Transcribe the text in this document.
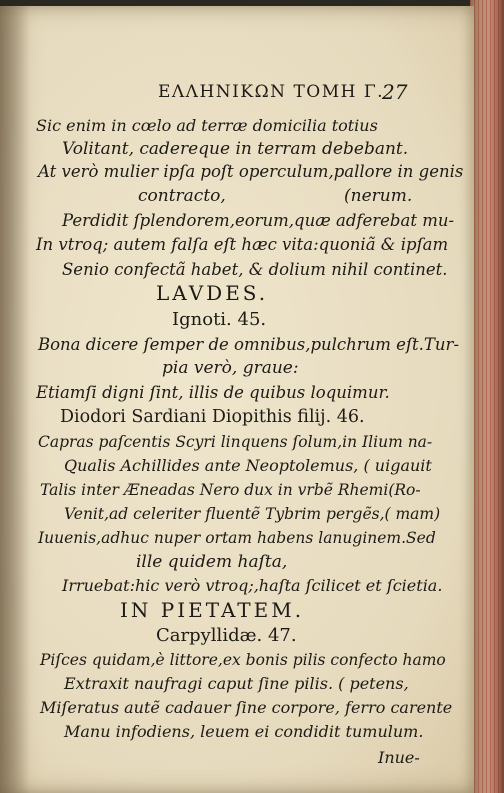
ΕΛΛΗΝΙΚΩΝ ΤΟΜΗ Γ.
27
Sic enim in cœlo ad terræ domicilia totius
Volitant, cadereque in terram debebant.
At verò mulier ipſa poſt operculum,pallore in genis
contracto,	(nerum.
Perdidit ſplendorem,eorum,quæ adferebat mu-
In vtroq; autem falſa eſt hæc vita:quoniã & ipſam
Senio confectã habet, & dolium nihil continet.
LAVDES.
Ignoti. 45.
Bona dicere ſemper de omnibus,pulchrum eſt.Tur-
pia verò, graue:
Etiamſi digni ſint, illis de quibus loquimur.
Diodori Sardiani Diopithis filij. 46.
Capras paſcentis Scyri linquens ſolum,in Ilium na-
Qualis Achillides ante Neoptolemus, ( uigauit
Talis inter Æneadas Nero dux in vrbẽ Rhemi(Ro-
Venit,ad celeriter fluentẽ Tybrim pergẽs,( mam)
Iuuenis,adhuc nuper ortam habens lanuginem.Sed
ille quidem haſta,
Irruebat:hic verò vtroq;,haſta ſcilicet et ſcietia.
IN PIETATEM.
Carpyllidæ. 47.
Piſces quidam,è littore,ex bonis pilis confecto hamo
Extraxit naufragi caput ſine pilis. ( petens,
Miſeratus autẽ cadauer ſine corpore, ferro carente
Manu infodiens, leuem ei condidit tumulum.
Inue-
